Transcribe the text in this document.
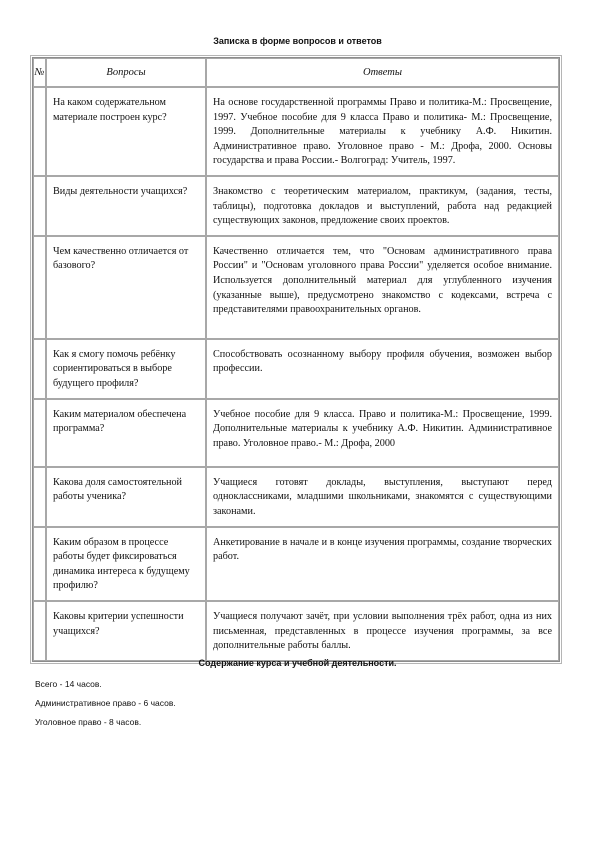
Записка в форме вопросов и ответов
№	Вопросы	Ответы

	На каком содержательном материале построен курс?	На основе государственной программы Право и политика-М.: Просвещение, 1997. Учебное пособие для 9 класса Право и политика- М.: Просвещение, 1999. Дополнительные материалы к учебнику А.Ф. Никитин. Административное право. Уголовное право - М.: Дрофа, 2000. Основы государства и права России.- Волгоград: Учитель, 1997.

	Виды деятельности учащихся?	Знакомство с теоретическим материалом, практикум, (задания, тесты, таблицы), подготовка докладов и выступлений, работа над редакцией существующих законов, предложение своих проектов.

	Чем качественно отличается от базового?	Качественно отличается тем, что "Основам административного права России" и "Основам уголовного права России" уделяется особое внимание. Используется дополнительный материал для углубленного изучения (указанные выше), предусмотрено знакомство с кодексами, встреча с представителями правоохранительных органов.

	Как я смогу помочь ребёнку сориентироваться в выборе будущего профиля?	Способствовать осознанному выбору профиля обучения, возможен выбор профессии.

	Каким материалом обеспечена программа?	Учебное пособие для 9 класса. Право и политика-М.: Просвещение, 1999. Дополнительные материалы к учебнику А.Ф. Никитин. Административное право. Уголовное право.- М.: Дрофа, 2000

	Какова доля самостоятельной работы ученика?	Учащиеся готовят доклады, выступления, выступают перед одноклассниками, младшими школьниками, знакомятся с существующими законами.

	Каким образом в процессе работы будет фиксироваться динамика интереса к будущему профилю?	Анкетирование в начале и в конце изучения программы, создание творческих работ.

	Каковы критерии успешности учащихся?	Учащиеся получают зачёт, при условии выполнения трёх работ, одна из них письменная, представленных в процессе изучения программы, за все дополнительные работы баллы.
Содержание курса и учебной деятельности.
Всего - 14 часов.
Административное право - 6 часов.
Уголовное право - 8 часов.
